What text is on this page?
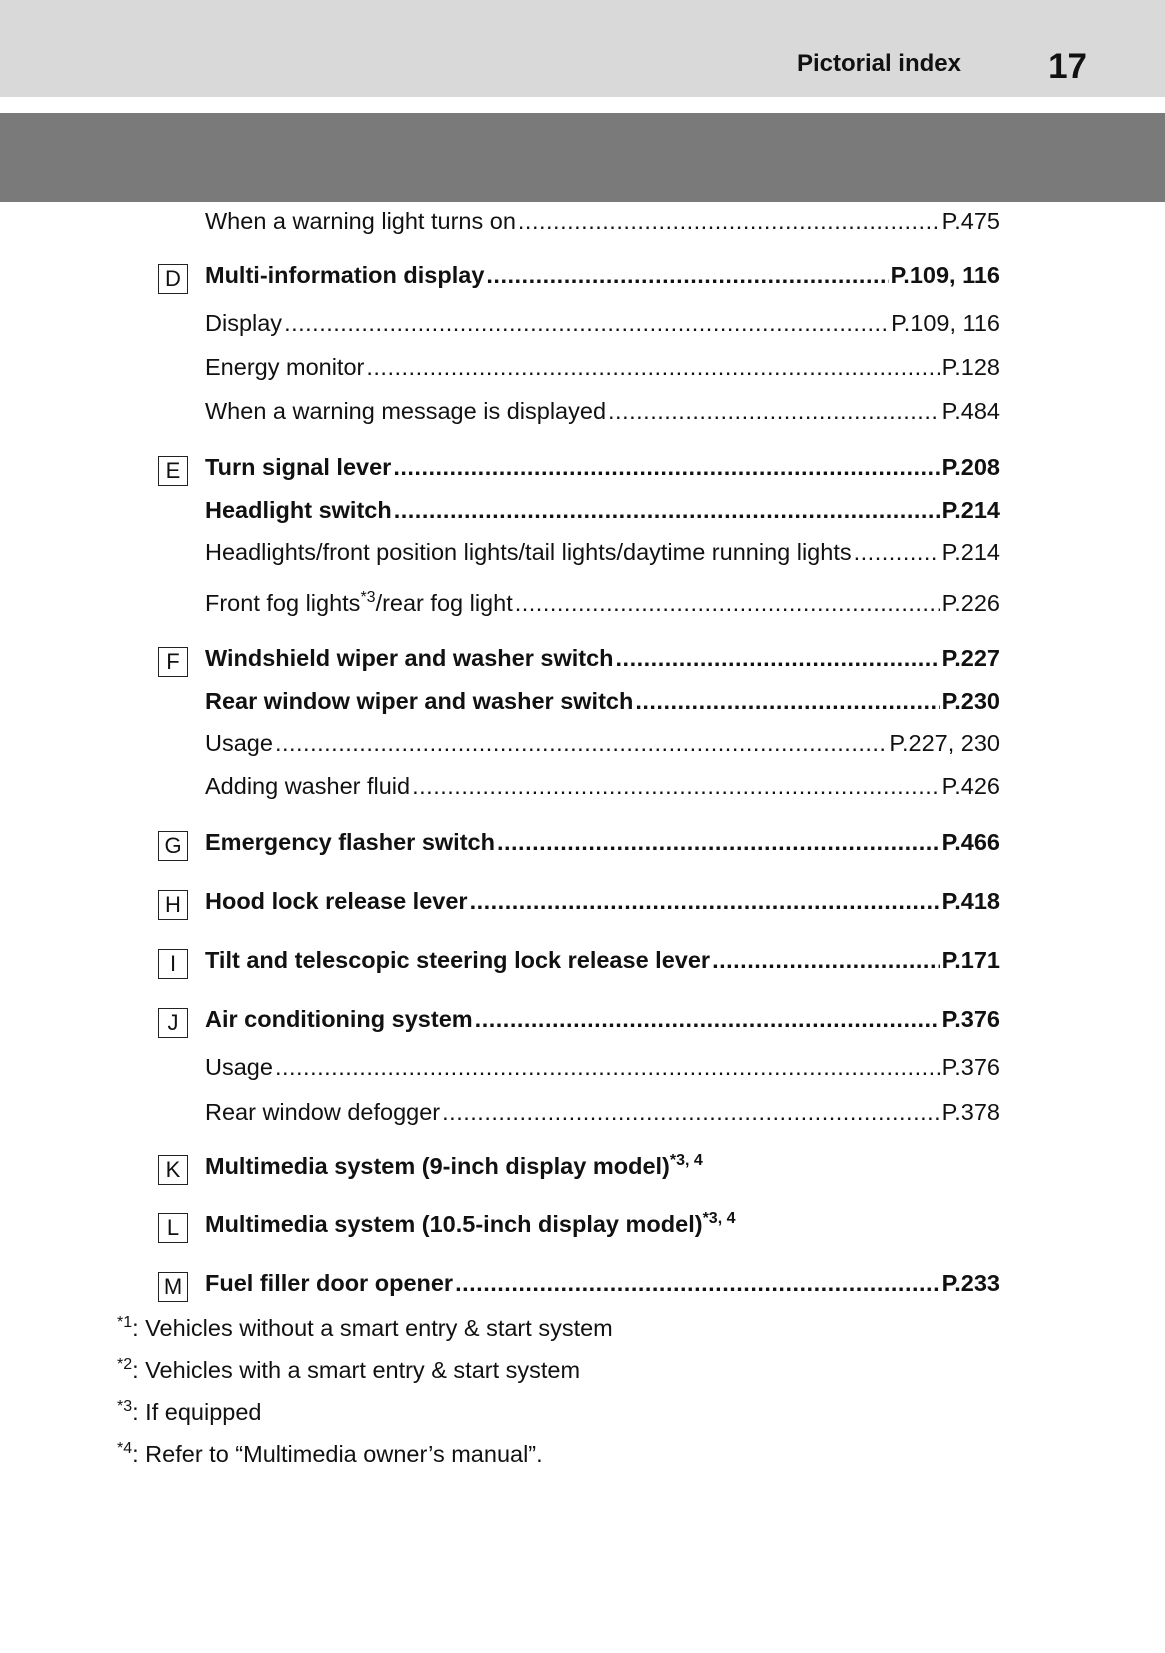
Pictorial index 17
When a warning light turns on .....	P.475
D	Multi-information display .....	P.109, 116
Display .....	P.109, 116
Energy monitor .....	P.128
When a warning message is displayed .....	P.484
E	Turn signal lever .....	P.208
Headlight switch .....	P.214
Headlights/front position lights/tail lights/daytime running lights .....	P.214
Front fog lights$^{*3}$/rear fog light .....	P.226
F	Windshield wiper and washer switch .....	P.227
Rear window wiper and washer switch .....	P.230
Usage .....	P.227, 230
Adding washer fluid .....	P.426
G Emergency flasher switch .....	P.466
H	Hood lock release lever .....	P.418
I	Tilt and telescopic steering lock release lever .....	P.171
J	Air conditioning system .....	P.376
Usage .....	P.376
Rear window defogger .....	P.378
K	Multimedia system (9-inch display model)$^{*3, 4}$
L	Multimedia system (10.5-inch display model)$^{*3, 4}$
M Fuel filler door opener .....	P.233
$^{*1}$: Vehicles without a smart entry & start system
$^{*2}$: Vehicles with a smart entry & start system
$^{*3}$: If equipped
$^{*4}$: Refer to “Multimedia owner’s manual”.
